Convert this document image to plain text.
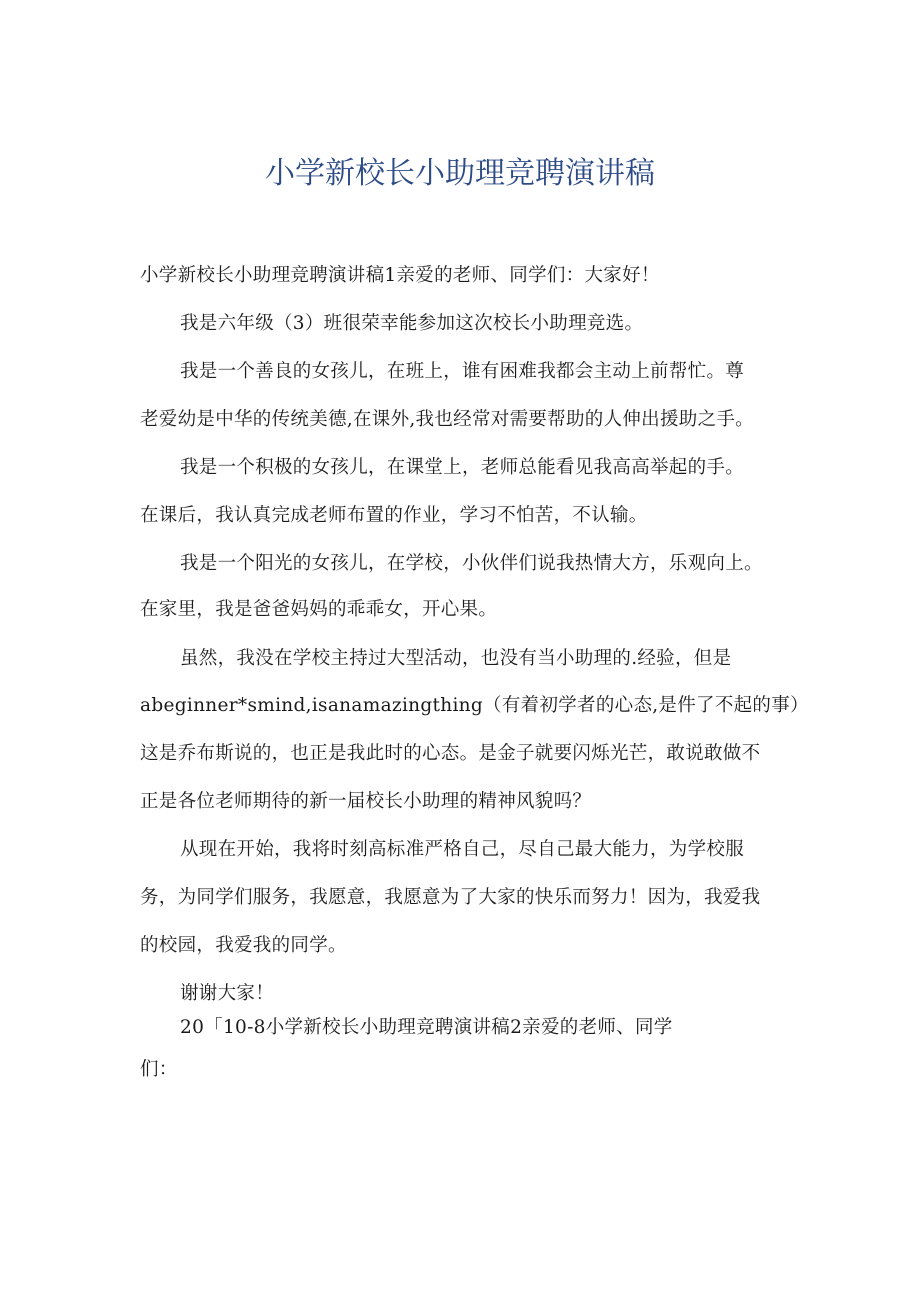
小学新校长小助理竞聘演讲稿
小学新校长小助理竞聘演讲稿1亲爱的老师、同学们：大家好！
我是六年级（3）班很荣幸能参加这次校长小助理竞选。
我是一个善良的女孩儿，在班上，谁有困难我都会主动上前帮忙。尊
老爱幼是中华的传统美德,在课外,我也经常对需要帮助的人伸出援助之手。
我是一个积极的女孩儿，在课堂上，老师总能看见我高高举起的手。
在课后，我认真完成老师布置的作业，学习不怕苦，不认输。
我是一个阳光的女孩儿，在学校，小伙伴们说我热情大方，乐观向上。
在家里，我是爸爸妈妈的乖乖女，开心果。
虽然，我没在学校主持过大型活动，也没有当小助理的.经验，但是
abeginner*smind,isanamazingthing（有着初学者的心态,是件了不起的事）
这是乔布斯说的，也正是我此时的心态。是金子就要闪烁光芒，敢说敢做不
正是各位老师期待的新一届校长小助理的精神风貌吗？
从现在开始，我将时刻高标准严格自己，尽自己最大能力，为学校服
务，为同学们服务，我愿意，我愿意为了大家的快乐而努力！因为，我爱我
的校园，我爱我的同学。
谢谢大家！
20「10-8小学新校长小助理竞聘演讲稿2亲爱的老师、同学
们：
